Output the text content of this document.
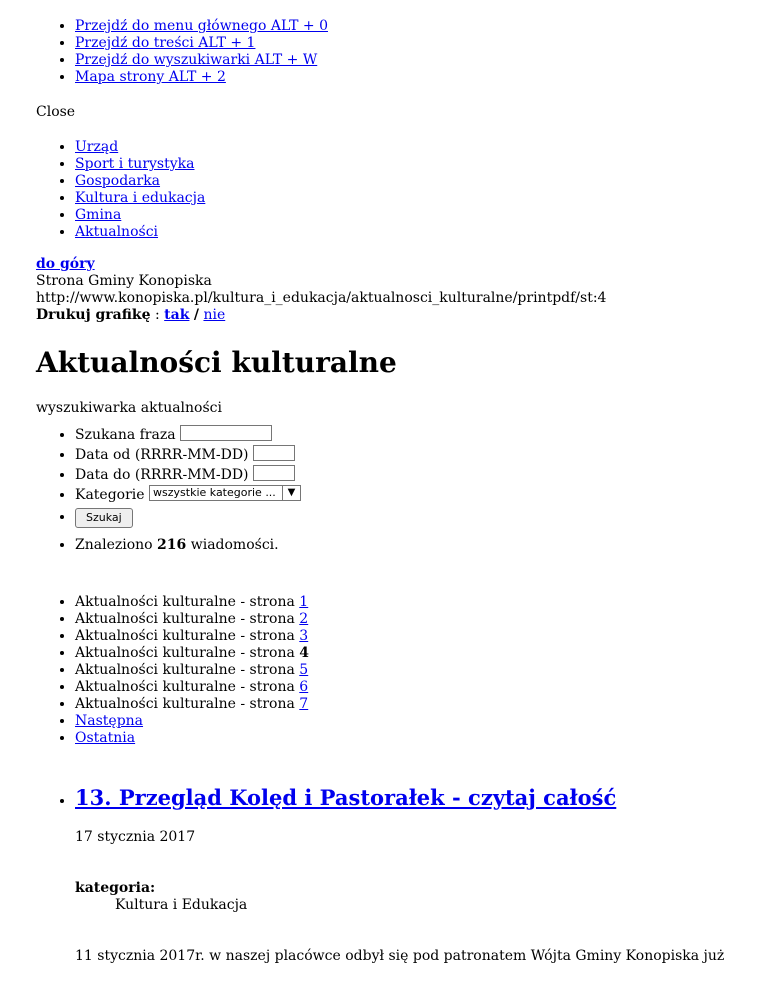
• Przejdź do menu głównego ALT + 0
• Przejdź do treści ALT + 1
• Przejdź do wyszukiwarki ALT + W
• Mapa strony ALT + 2
Close
• Urząd
• Sport i turystyka
• Gospodarka
• Kultura i edukacja
• Gmina
• Aktualności
do góry
Strona Gminy Konopiska
http://www.konopiska.pl/kultura_i_edukacja/aktualnosci_kulturalne/printpdf/st:4
Drukuj grafikę : tak / nie
Aktualności kulturalne
wyszukiwarka aktualności
• Szukana fraza
• Data od (RRRR-MM-DD)
• Data do (RRRR-MM-DD)
• Kategorie wszystkie kategorie ...	▼
• Szukaj
• Znaleziono 216 wiadomości.
• Aktualności kulturalne - strona 1
• Aktualności kulturalne - strona 2
• Aktualności kulturalne - strona 3
• Aktualności kulturalne - strona 4
• Aktualności kulturalne - strona 5
• Aktualności kulturalne - strona 6
• Aktualności kulturalne - strona 7
• Następna
• Ostatnia
• 13. Przegląd Kolęd i Pastorałek - czytaj całość
17 stycznia 2017
kategoria:
Kultura i Edukacja
11 stycznia 2017r. w naszej placówce odbył się pod patronatem Wójta Gminy Konopiska już
